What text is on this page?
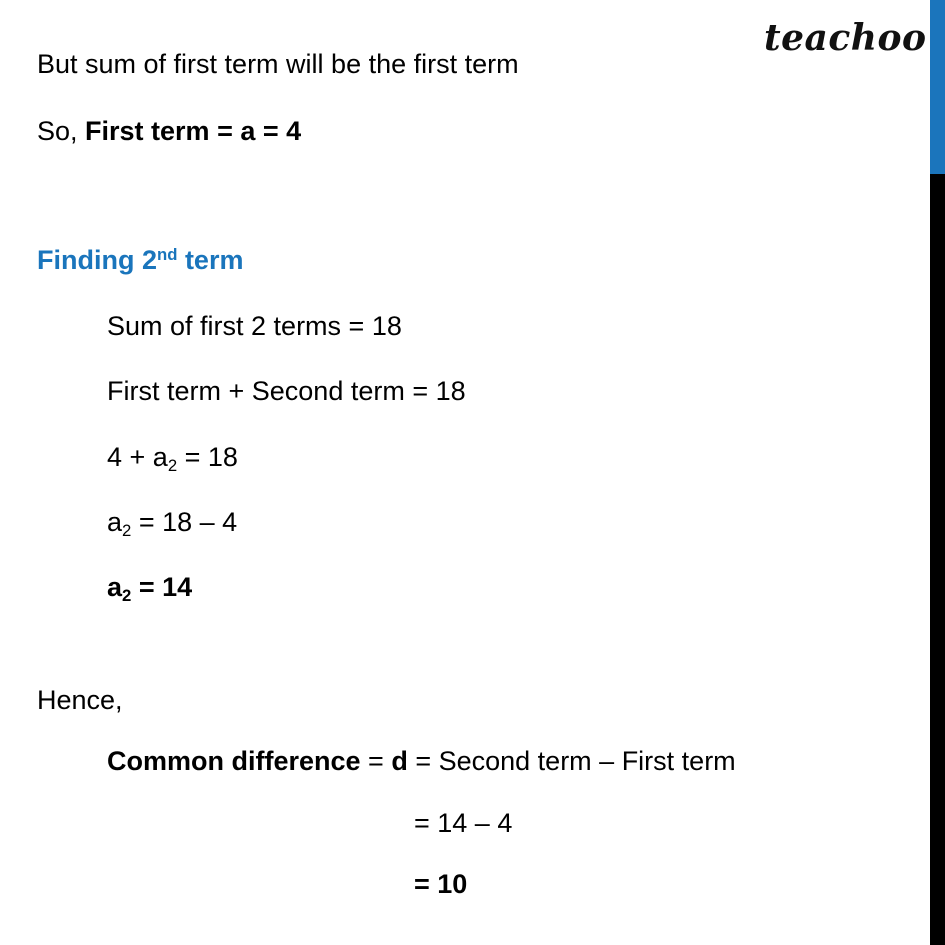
teachoo
But sum of first term will be the first term
So, First term = a = 4
Finding 2nd term
Sum of first 2 terms = 18
First term + Second term = 18
$4 + a_2 = 18$
$a_2 = 18 - 4$
$a_2 = 14$
Hence,
Common difference = d = Second term – First term
= 14 – 4
= 10
